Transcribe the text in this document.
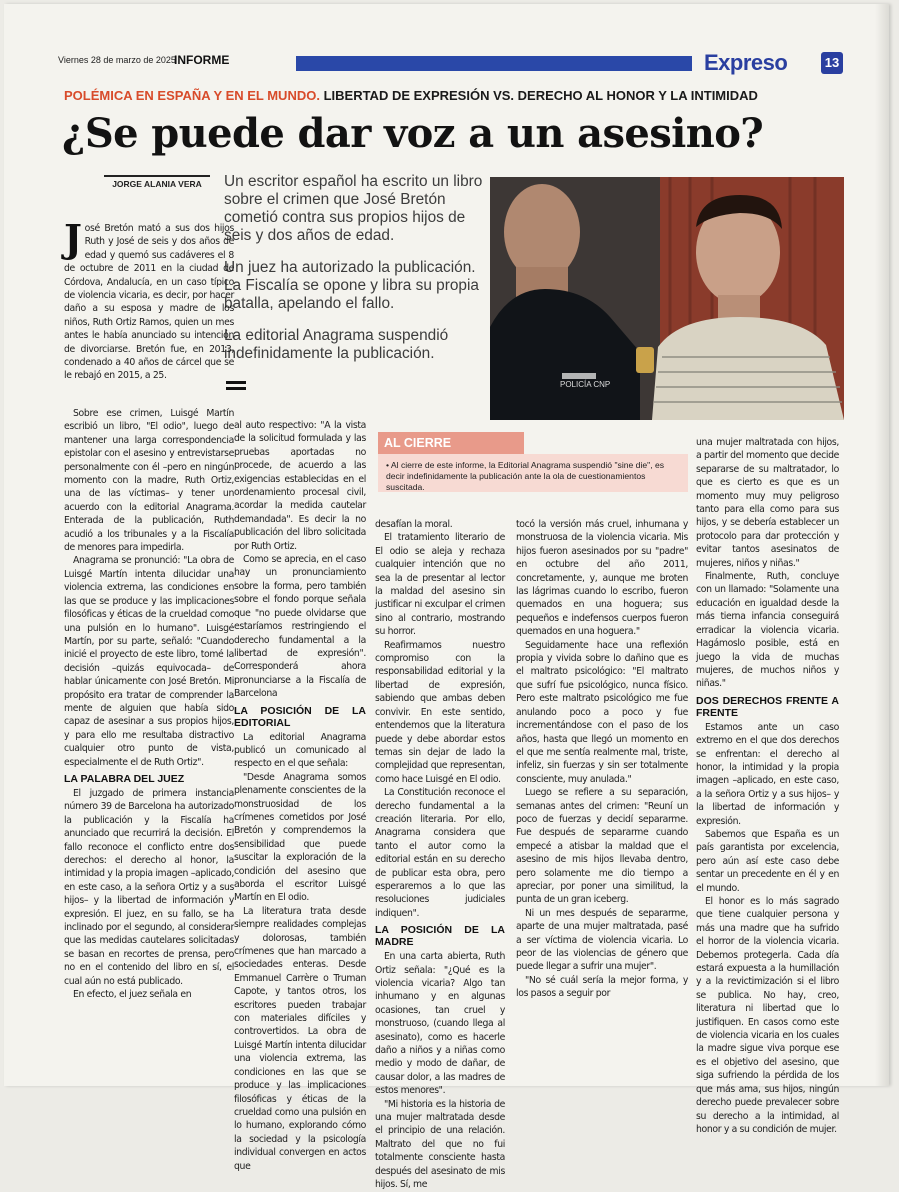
Viernes 28 de marzo de 2025
INFORME	Expreso	13
POLÉMICA EN ESPAÑA Y EN EL MUNDO. LIBERTAD DE EXPRESIÓN VS. DERECHO AL HONOR Y LA INTIMIDAD
¿Se puede dar voz a un asesino?
JORGE ALANIA VERA	Un escritor español ha escrito un libro sobre el crimen que José Bretón cometió contra sus propios hijos de seis y dos años de edad.

Un juez ha autorizado la publicación. La Fiscalía se opone y libra su propia batalla, apelando el fallo.

La editorial Anagrama suspendió indefinidamente la publicación.

POLICÍA CNP
AL CIERRE

• Al cierre de este informe, la Editorial Anagrama suspendió "sine die", es decir indefinidamente la publicación ante la ola de cuestionamientos suscitada.

José Bretón mató a sus dos hijos Ruth y José de seis y dos años de edad y quemó sus cadáveres el 8 de octubre de 2011 en la ciudad de Córdova, Andalucía, en un caso típico de violencia vicaria, es decir, por hacer daño a su esposa y madre de los niños, Ruth Ortiz Ramos, quien un mes antes le había anunciado su intención de divorciarse. Bretón fue, en 2013, condenado a 40 años de cárcel que se le rebajó en 2015, a 25.

Sobre ese crimen, Luisgé Martín escribió un libro, "El odio", luego de mantener una larga correspondencia epistolar con el asesino y entrevistarse personalmente con él –pero en ningún momento con la madre, Ruth Ortiz, una de las víctimas– y tener un acuerdo con la editorial Anagrama. Enterada de la publicación, Ruth acudió a los tribunales y a la Fiscalía de menores para impedirla.

Anagrama se pronunció: "La obra de Luisgé Martín intenta dilucidar una violencia extrema, las condiciones en las que se produce y las implicaciones filosóficas y éticas de la crueldad como una pulsión en lo humano". Luisgé Martín, por su parte, señaló: "Cuando inicié el proyecto de este libro, tomé la decisión –quizás equivocada– de hablar únicamente con José Bretón. Mi propósito era tratar de comprender la mente de alguien que había sido capaz de asesinar a sus propios hijos, y para ello me resultaba distractivo cualquier otro punto de vista, especialmente el de Ruth Ortiz".

LA PALABRA DEL JUEZ

El juzgado de primera instancia número 39 de Barcelona ha autorizado la publicación y la Fiscalía ha anunciado que recurrirá la decisión. El fallo reconoce el conflicto entre dos derechos: el derecho al honor, la intimidad y la propia imagen –aplicado, en este caso, a la señora Ortiz y a sus hijos– y la libertad de información y expresión. El juez, en su fallo, se ha inclinado por el segundo, al considerar que las medidas cautelares solicitadas se basan en recortes de prensa, pero no en el contenido del libro en sí, el cual aún no está publicado.

En efecto, el juez señala en

al auto respectivo: "A la vista de la solicitud formulada y las pruebas aportadas no procede, de acuerdo a las exigencias establecidas en el ordenamiento procesal civil, acordar la medida cautelar demandada". Es decir la no publicación del libro solicitada por Ruth Ortiz.

Como se aprecia, en el caso hay un pronunciamiento sobre la forma, pero también sobre el fondo porque señala que "no puede olvidarse que estaríamos restringiendo el derecho fundamental a la libertad de expresión". Corresponderá ahora pronunciarse a la Fiscalía de Barcelona

LA POSICIÓN DE LA EDITORIAL

La editorial Anagrama publicó un comunicado al respecto en el que señala:

"Desde Anagrama somos plenamente conscientes de la monstruosidad de los crímenes cometidos por José Bretón y comprendemos la sensibilidad que puede suscitar la exploración de la condición del asesino que aborda el escritor Luisgé Martín en El odio.

La literatura trata desde siempre realidades complejas y dolorosas, también crímenes que han marcado a sociedades enteras. Desde Emmanuel Carrère o Truman Capote, y tantos otros, los escritores pueden trabajar con materiales difíciles y controvertidos. La obra de Luisgé Martín intenta dilucidar una violencia extrema, las condiciones en las que se produce y las implicaciones filosóficas y éticas de la crueldad como una pulsión en lo humano, explorando cómo la sociedad y la psicología individual convergen en actos que

desafían la moral.

El tratamiento literario de El odio se aleja y rechaza cualquier intención que no sea la de presentar al lector la maldad del asesino sin justificar ni exculpar el crimen sino al contrario, mostrando su horror.

Reafirmamos nuestro compromiso con la responsabilidad editorial y la libertad de expresión, sabiendo que ambas deben convivir. En este sentido, entendemos que la literatura puede y debe abordar estos temas sin dejar de lado la complejidad que representan, como hace Luisgé en El odio.

La Constitución reconoce el derecho fundamental a la creación literaria. Por ello, Anagrama considera que tanto el autor como la editorial están en su derecho de publicar esta obra, pero esperaremos a lo que las resoluciones judiciales indiquen".

LA POSICIÓN DE LA MADRE

En una carta abierta, Ruth Ortiz señala: "¿Qué es la violencia vicaria? Algo tan inhumano y en algunas ocasiones, tan cruel y monstruoso, (cuando llega al asesinato), como es hacerle daño a niños y a niñas como medio y modo de dañar, de causar dolor, a las madres de estos menores".

"Mi historia es la historia de una mujer maltratada desde el principio de una relación. Maltrato del que no fui totalmente consciente hasta después del asesinato de mis hijos. Sí, me

tocó la versión más cruel, inhumana y monstruosa de la violencia vicaria. Mis hijos fueron asesinados por su "padre" en octubre del año 2011, concretamente, y, aunque me broten las lágrimas cuando lo escribo, fueron quemados en una hoguera; sus pequeños e indefensos cuerpos fueron quemados en una hoguera."

Seguidamente hace una reflexión propia y vivida sobre lo dañino que es el maltrato psicológico: "El maltrato que sufrí fue psicológico, nunca físico. Pero este maltrato psicológico me fue anulando poco a poco y fue incrementándose con el paso de los años, hasta que llegó un momento en el que me sentía realmente mal, triste, infeliz, sin fuerzas y sin ser totalmente consciente, muy anulada."

Luego se refiere a su separación, semanas antes del crimen: "Reuní un poco de fuerzas y decidí separarme. Fue después de separarme cuando empecé a atisbar la maldad que el asesino de mis hijos llevaba dentro, pero solamente me dio tiempo a apreciar, por poner una similitud, la punta de un gran iceberg.

Ni un mes después de separarme, aparte de una mujer maltratada, pasé a ser víctima de violencia vicaria. Lo peor de las violencias de género que puede llegar a sufrir una mujer".

"No sé cuál sería la mejor forma, y los pasos a seguir por

una mujer maltratada con hijos, a partir del momento que decide separarse de su maltratador, lo que es cierto es que es un momento muy muy peligroso tanto para ella como para sus hijos, y se debería establecer un protocolo para dar protección y evitar tantos asesinatos de mujeres, niños y niñas."

Finalmente, Ruth, concluye con un llamado: "Solamente una educación en igualdad desde la más tierna infancia conseguirá erradicar la violencia vicaria. Hagámoslo posible, está en juego la vida de muchas mujeres, de muchos niños y niñas."

DOS DERECHOS FRENTE A FRENTE

Estamos ante un caso extremo en el que dos derechos se enfrentan: el derecho al honor, la intimidad y la propia imagen –aplicado, en este caso, a la señora Ortiz y a sus hijos– y la libertad de información y expresión.

Sabemos que España es un país garantista por excelencia, pero aún así este caso debe sentar un precedente en él y en el mundo.

El honor es lo más sagrado que tiene cualquier persona y más una madre que ha sufrido el horror de la violencia vicaria. Debemos protegerla. Cada día estará expuesta a la humillación y a la revictimización si el libro se publica. No hay, creo, literatura ni libertad que lo justifiquen. En casos como este de violencia vicaria en los cuales la madre sigue viva porque ese es el objetivo del asesino, que siga sufriendo la pérdida de los que más ama, sus hijos, ningún derecho puede prevalecer sobre su derecho a la intimidad, al honor y a su condición de mujer.
